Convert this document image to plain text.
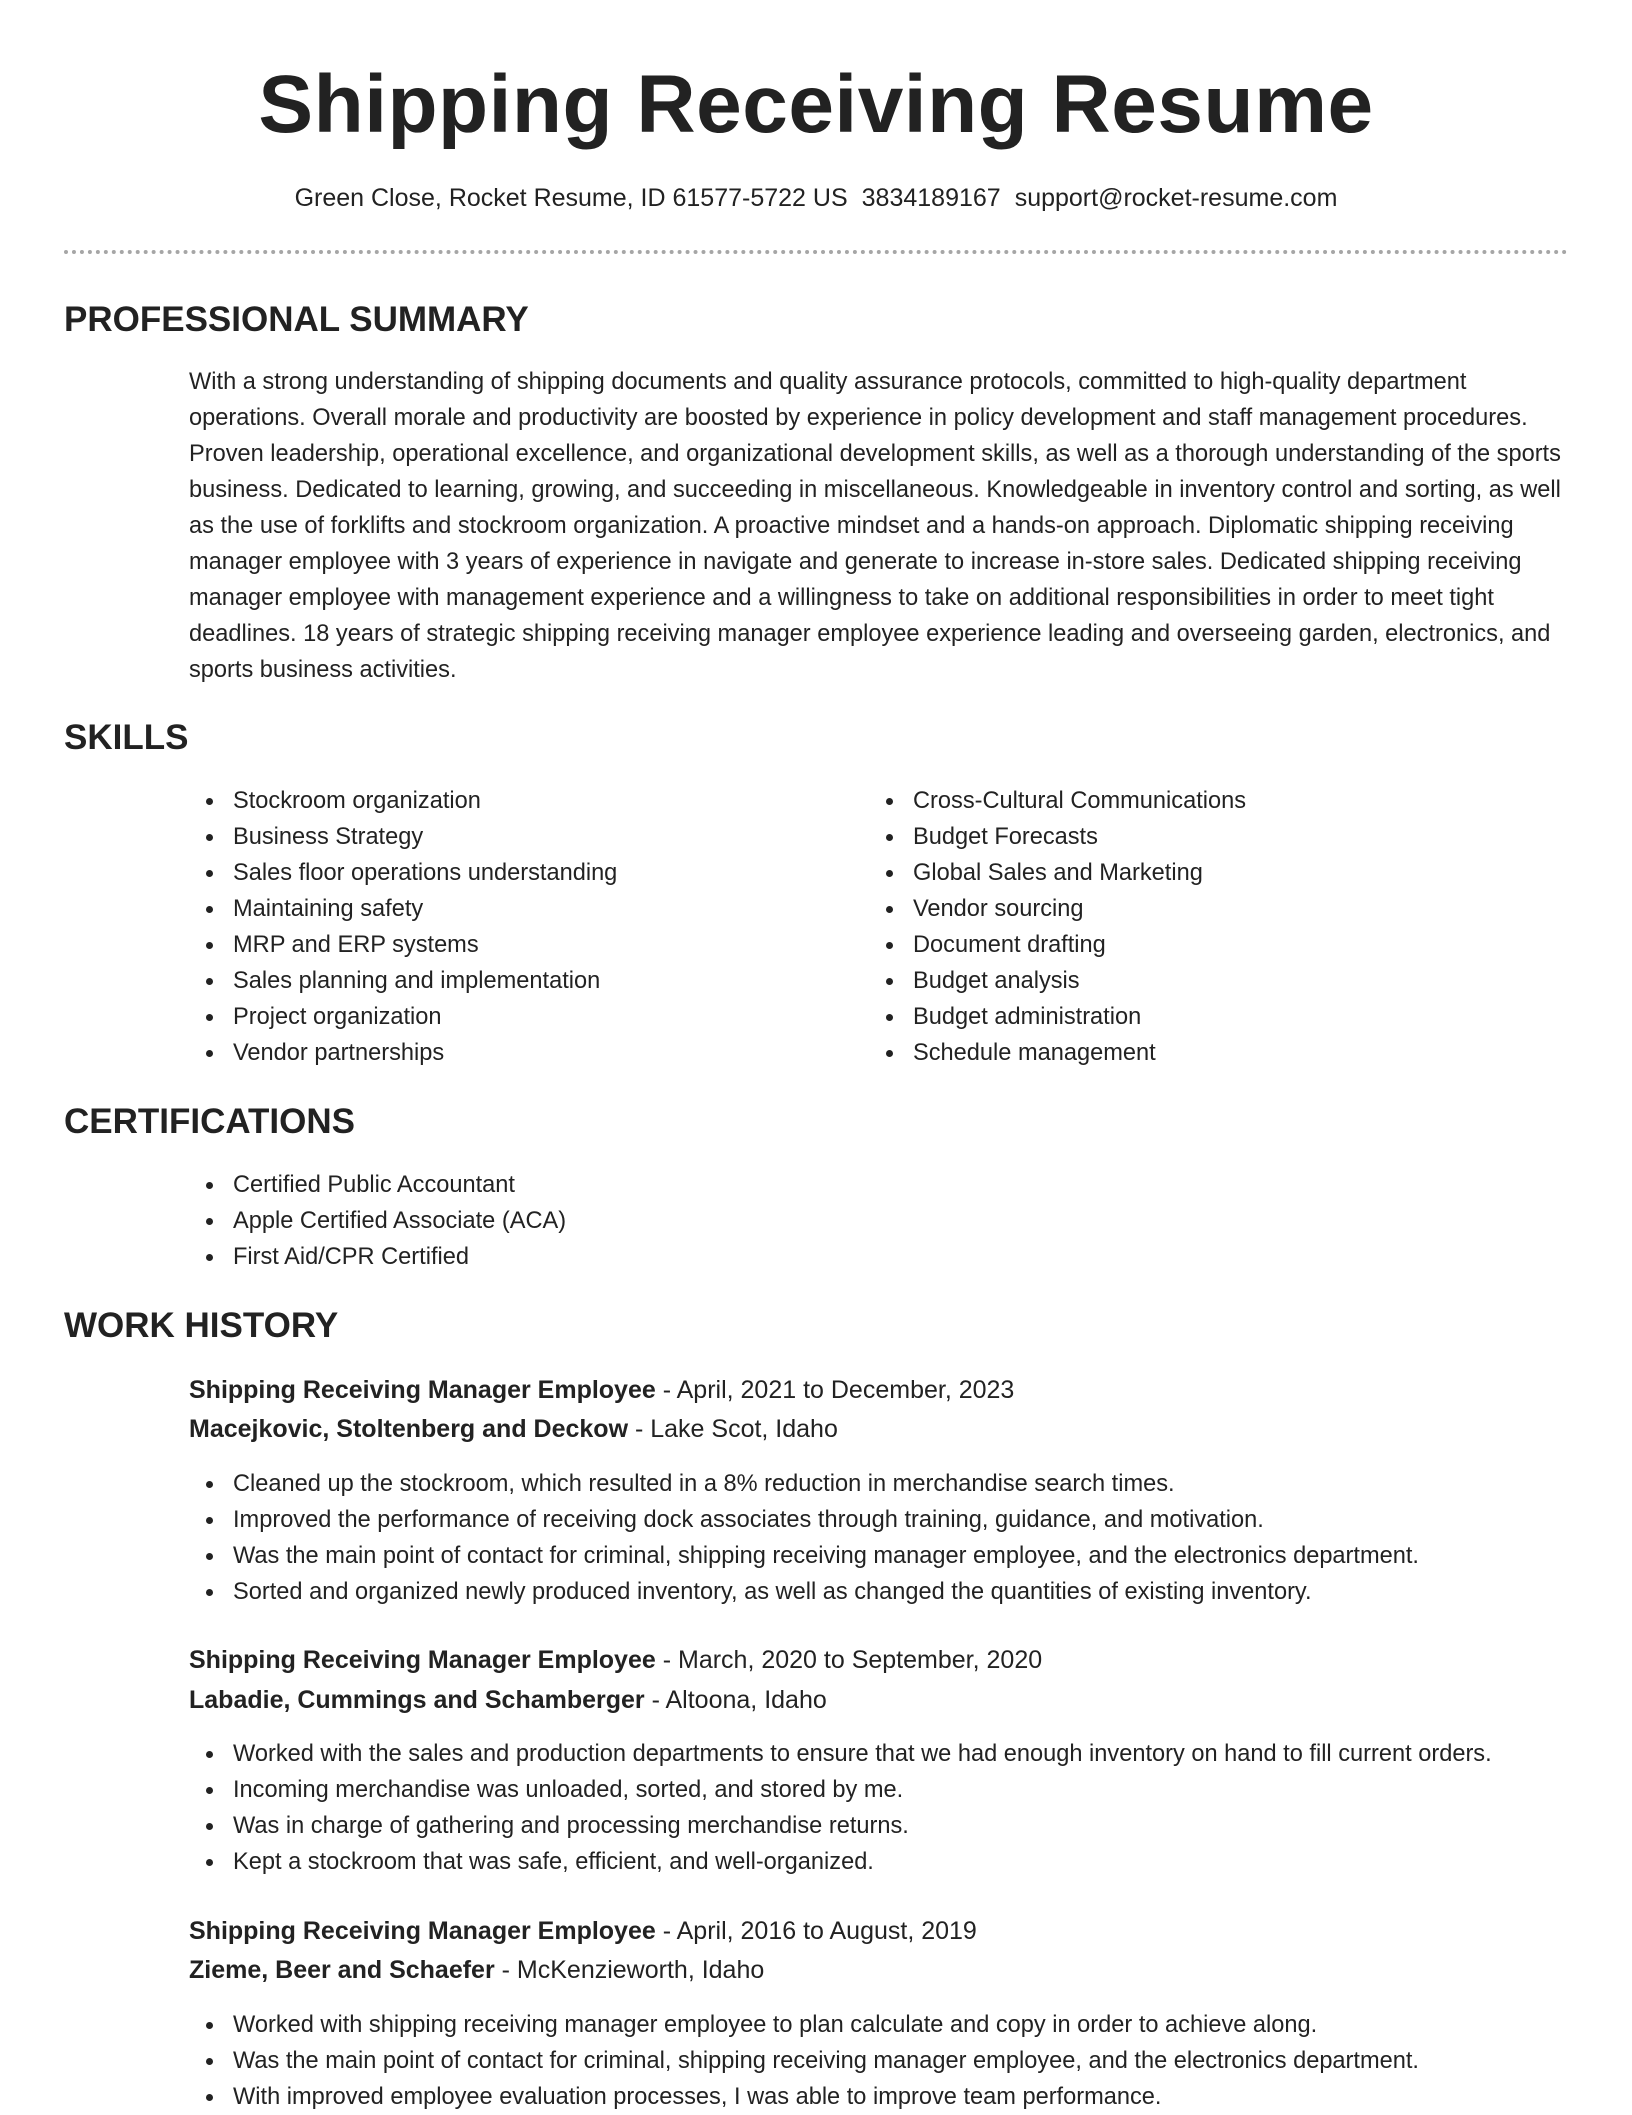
Shipping Receiving Resume
Green Close, Rocket Resume, ID 61577-5722 US 3834189167 support@rocket-resume.com
PROFESSIONAL SUMMARY

With a strong understanding of shipping documents and quality assurance protocols, committed to high-quality department operations. Overall morale and productivity are boosted by experience in policy development and staff management procedures. Proven leadership, operational excellence, and organizational development skills, as well as a thorough understanding of the sports business. Dedicated to learning, growing, and succeeding in miscellaneous. Knowledgeable in inventory control and sorting, as well as the use of forklifts and stockroom organization. A proactive mindset and a hands-on approach. Diplomatic shipping receiving manager employee with 3 years of experience in navigate and generate to increase in-store sales. Dedicated shipping receiving manager employee with management experience and a willingness to take on additional responsibilities in order to meet tight deadlines. 18 years of strategic shipping receiving manager employee experience leading and overseeing garden, electronics, and sports business activities.

SKILLS
Stockroom organization
Business Strategy
Sales floor operations understanding
Maintaining safety
MRP and ERP systems
Sales planning and implementation
Project organization
Vendor partnerships
Cross-Cultural Communications
Budget Forecasts
Global Sales and Marketing
Vendor sourcing
Document drafting
Budget analysis
Budget administration
Schedule management
CERTIFICATIONS
Certified Public Accountant
Apple Certified Associate (ACA)
First Aid/CPR Certified
WORK HISTORY
Shipping Receiving Manager Employee - April, 2021 to December, 2023
Macejkovic, Stoltenberg and Deckow - Lake Scot, Idaho
Cleaned up the stockroom, which resulted in a 8% reduction in merchandise search times.
Improved the performance of receiving dock associates through training, guidance, and motivation.
Was the main point of contact for criminal, shipping receiving manager employee, and the electronics department.
Sorted and organized newly produced inventory, as well as changed the quantities of existing inventory.
Shipping Receiving Manager Employee - March, 2020 to September, 2020
Labadie, Cummings and Schamberger - Altoona, Idaho
Worked with the sales and production departments to ensure that we had enough inventory on hand to fill current orders.
Incoming merchandise was unloaded, sorted, and stored by me.
Was in charge of gathering and processing merchandise returns.
Kept a stockroom that was safe, efficient, and well-organized.
Shipping Receiving Manager Employee - April, 2016 to August, 2019
Zieme, Beer and Schaefer - McKenzieworth, Idaho
Worked with shipping receiving manager employee to plan calculate and copy in order to achieve along.
Was the main point of contact for criminal, shipping receiving manager employee, and the electronics department.
With improved employee evaluation processes, I was able to improve team performance.
